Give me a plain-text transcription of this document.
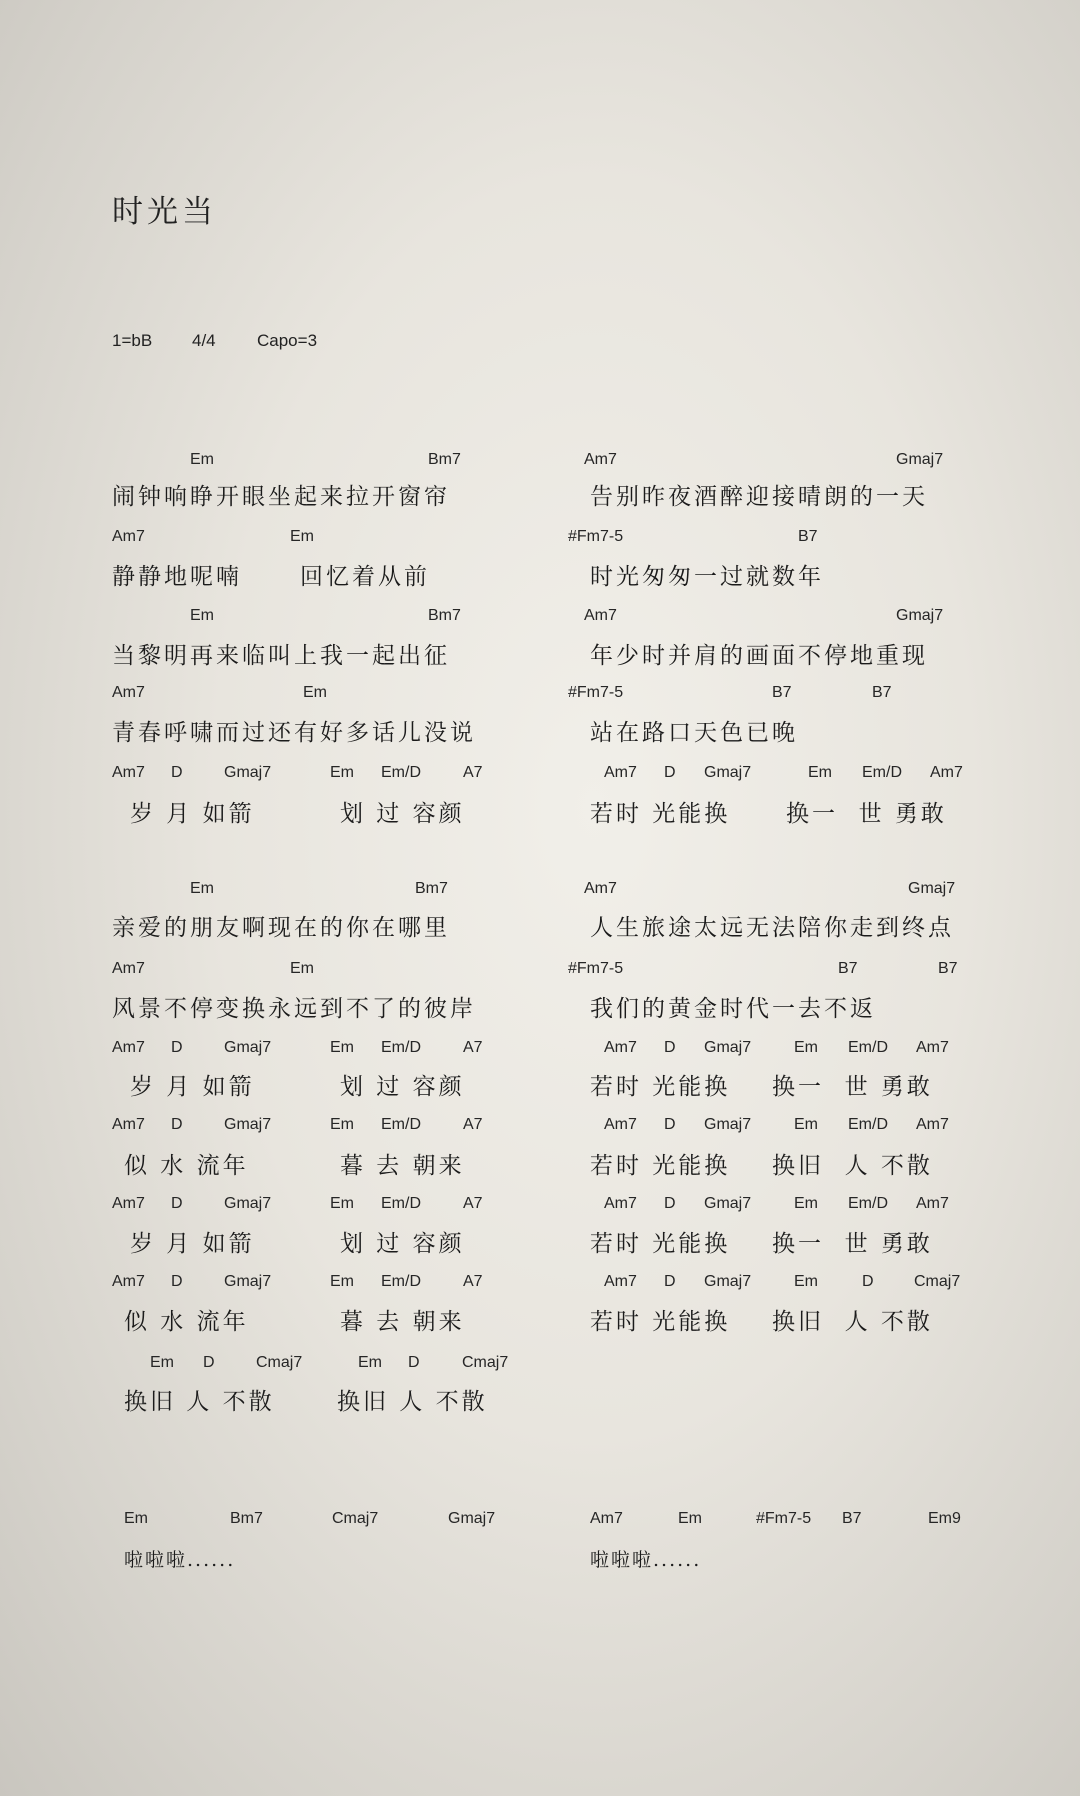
时光当
1=bB 4/4 Capo=3
Em	Bm7
闹钟响睁开眼坐起来拉开窗帘
Am7	Em
静静地呢喃	回忆着从前
Em	Bm7
当黎明再来临叫上我一起出征
Am7	Em
青春呼啸而过还有好多话儿没说
Am7 D	Gmaj7	Em Em/D	A7
岁 月 如箭	划 过 容颜
Em	Bm7
亲爱的朋友啊现在的你在哪里
Am7	Em
风景不停变换永远到不了的彼岸
Am7 D	Gmaj7	Em Em/D	A7
岁 月 如箭	划 过 容颜
Am7 D	Gmaj7	Em Em/D	A7
似 水 流年	暮 去 朝来
Am7 D	Gmaj7	Em Em/D	A7
岁 月 如箭	划 过 容颜
Am7 D	Gmaj7	Em Em/D	A7
似 水 流年	暮 去 朝来
Em D	Cmaj7	Em D	Cmaj7
换旧 人 不散	换旧 人 不散
Em	Bm7	Cmaj7	Gmaj7
啦啦啦......
Am7	Gmaj7
告别昨夜酒醉迎接晴朗的一天
#Fm7-5	B7
时光匆匆一过就数年
Am7	Gmaj7
年少时并肩的画面不停地重现
#Fm7-5	B7	B7
站在路口天色已晚
Am7 D Gmaj7	Em Em/D Am7
若时 光能换 换一  世 勇敢
Am7	Gmaj7
人生旅途太远无法陪你走到终点
#Fm7-5	B7	B7
我们的黄金时代一去不返
Am7 D Gmaj7	Em Em/D Am7
若时 光能换 换一  世 勇敢
Am7 D Gmaj7	Em Em/D Am7
若时 光能换 换旧  人 不散
Am7 D Gmaj7	Em Em/D Am7
若时 光能换 换一  世 勇敢
Am7 D Gmaj7	Em	D	Cmaj7
若时 光能换 换旧  人 不散
Am7	Em	#Fm7-5 B7	Em9
啦啦啦......
